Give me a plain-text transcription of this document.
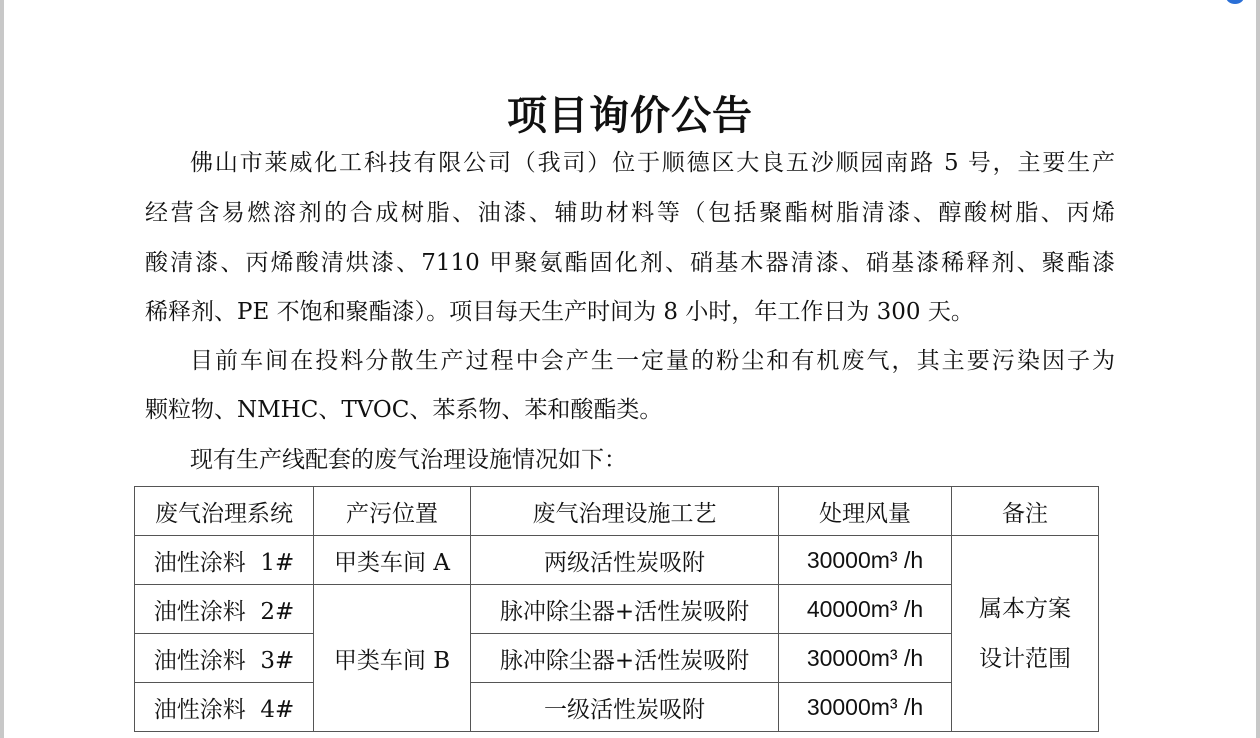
项目询价公告
佛山市莱威化工科技有限公司（我司）位于顺德区大良五沙顺园南路 5 号，主要生产
经营含易燃溶剂的合成树脂、油漆、辅助材料等（包括聚酯树脂清漆、醇酸树脂、丙烯
酸清漆、丙烯酸清烘漆、7110 甲聚氨酯固化剂、硝基木器清漆、硝基漆稀释剂、聚酯漆
稀释剂、PE 不饱和聚酯漆）。项目每天生产时间为 8 小时，年工作日为 300 天。
目前车间在投料分散生产过程中会产生一定量的粉尘和有机废气，其主要污染因子为
颗粒物、NMHC、TVOC、苯系物、苯和酸酯类。
现有生产线配套的废气治理设施情况如下：
废气治理系统	产污位置	废气治理设施工艺	处理风量	备注
油性涂料  1#	甲类车间 A	两级活性炭吸附	30000m³ /h	属本方案
设计范围

油性涂料  2#	甲类车间 B	脉冲除尘器+活性炭吸附	40000m³ /h	
油性涂料  3#		脉冲除尘器+活性炭吸附	30000m³ /h	
油性涂料  4#		一级活性炭吸附	30000m³ /h	
